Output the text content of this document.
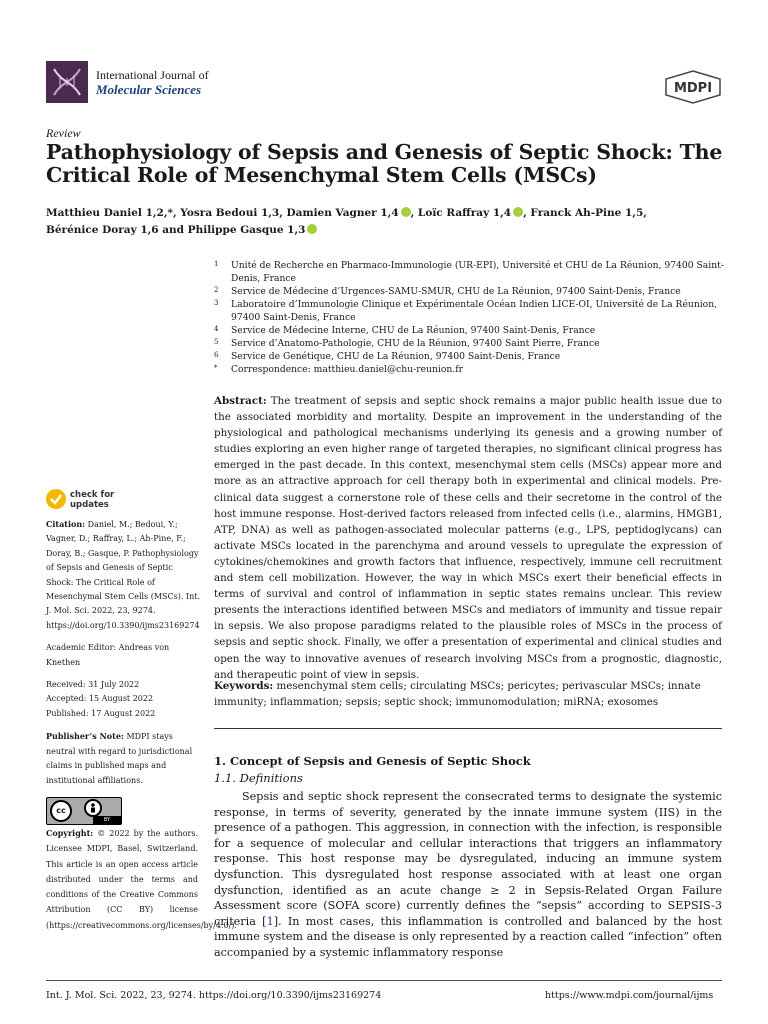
International Journal of
Molecular Sciences	MDPI
Review
Pathophysiology of Sepsis and Genesis of Septic Shock: The Critical Role of Mesenchymal Stem Cells (MSCs)
Matthieu Daniel 1,2,*, Yosra Bedoui 1,3, Damien Vagner 1,4 , Loïc Raffray 1,4 , Franck Ah-Pine 1,5,
Bérénice Doray 1,6 and Philippe Gasque 1,3
1	Unité de Recherche en Pharmaco-Immunologie (UR-EPI), Université et CHU de La Réunion, 97400 Saint-Denis, France
2	Service de Médecine d’Urgences-SAMU-SMUR, CHU de La Réunion, 97400 Saint-Denis, France
3	Laboratoire d’Immunologie Clinique et Expérimentale Océan Indien LICE-OI, Université de La Réunion, 97400 Saint-Denis, France
4	Service de Médecine Interne, CHU de La Réunion, 97400 Saint-Denis, France
5	Service d’Anatomo-Pathologie, CHU de la Réunion, 97400 Saint Pierre, France
6	Service de Genétique, CHU de La Réunion, 97400 Saint-Denis, France
*	Correspondence: matthieu.daniel@chu-reunion.fr
Abstract: The treatment of sepsis and septic shock remains a major public health issue due to the associated morbidity and mortality. Despite an improvement in the understanding of the physiological and pathological mechanisms underlying its genesis and a growing number of studies exploring an even higher range of targeted therapies, no significant clinical progress has emerged in the past decade. In this context, mesenchymal stem cells (MSCs) appear more and more as an attractive approach for cell therapy both in experimental and clinical models. Pre-clinical data suggest a cornerstone role of these cells and their secretome in the control of the host immune response. Host-derived factors released from infected cells (i.e., alarmins, HMGB1, ATP, DNA) as well as pathogen-associated molecular patterns (e.g., LPS, peptidoglycans) can activate MSCs located in the parenchyma and around vessels to upregulate the expression of cytokines/chemokines and growth factors that influence, respectively, immune cell recruitment and stem cell mobilization. However, the way in which MSCs exert their beneficial effects in terms of survival and control of inflammation in septic states remains unclear. This review presents the interactions identified between MSCs and mediators of immunity and tissue repair in sepsis. We also propose paradigms related to the plausible roles of MSCs in the process of sepsis and septic shock. Finally, we offer a presentation of experimental and clinical studies and open the way to innovative avenues of research involving MSCs from a prognostic, diagnostic, and therapeutic point of view in sepsis.
Keywords: mesenchymal stem cells; circulating MSCs; pericytes; perivascular MSCs; innate immunity; inflammation; sepsis; septic shock; immunomodulation; miRNA; exosomes
1. Concept of Sepsis and Genesis of Septic Shock
1.1. Definitions
Sepsis and septic shock represent the consecrated terms to designate the systemic response, in terms of severity, generated by the innate immune system (IIS) in the presence of a pathogen. This aggression, in connection with the infection, is responsible for a sequence of molecular and cellular interactions that triggers an inflammatory response. This host response may be dysregulated, inducing an immune system dysfunction. This dysregulated host response associated with at least one organ dysfunction, identified as an acute change ≥ 2 in Sepsis-Related Organ Failure Assessment score (SOFA score) currently defines the “sepsis” according to SEPSIS-3 criteria [1]. In most cases, this inflammation is controlled and balanced by the host immune system and the disease is only represented by a reaction called “infection” often accompanied by a systemic inflammatory response
check for
updates
Citation: Daniel, M.; Bedoui, Y.; Vagner, D.; Raffray, L.; Ah-Pine, F.; Doray, B.; Gasque, P. Pathophysiology of Sepsis and Genesis of Septic Shock: The Critical Role of Mesenchymal Stem Cells (MSCs). Int. J. Mol. Sci. 2022, 23, 9274. https://doi.org/10.3390/ijms23169274
Academic Editor: Andreas von Knethen
Received: 31 July 2022
Accepted: 15 August 2022
Published: 17 August 2022
Publisher’s Note: MDPI stays neutral with regard to jurisdictional claims in published maps and institutional affiliations.
cc
BY
Copyright: © 2022 by the authors. Licensee MDPI, Basel, Switzerland. This article is an open access article distributed under the terms and conditions of the Creative Commons Attribution (CC BY) license (https://creativecommons.org/licenses/by/4.0/).
Int. J. Mol. Sci. 2022, 23, 9274. https://doi.org/10.3390/ijms23169274	https://www.mdpi.com/journal/ijms
